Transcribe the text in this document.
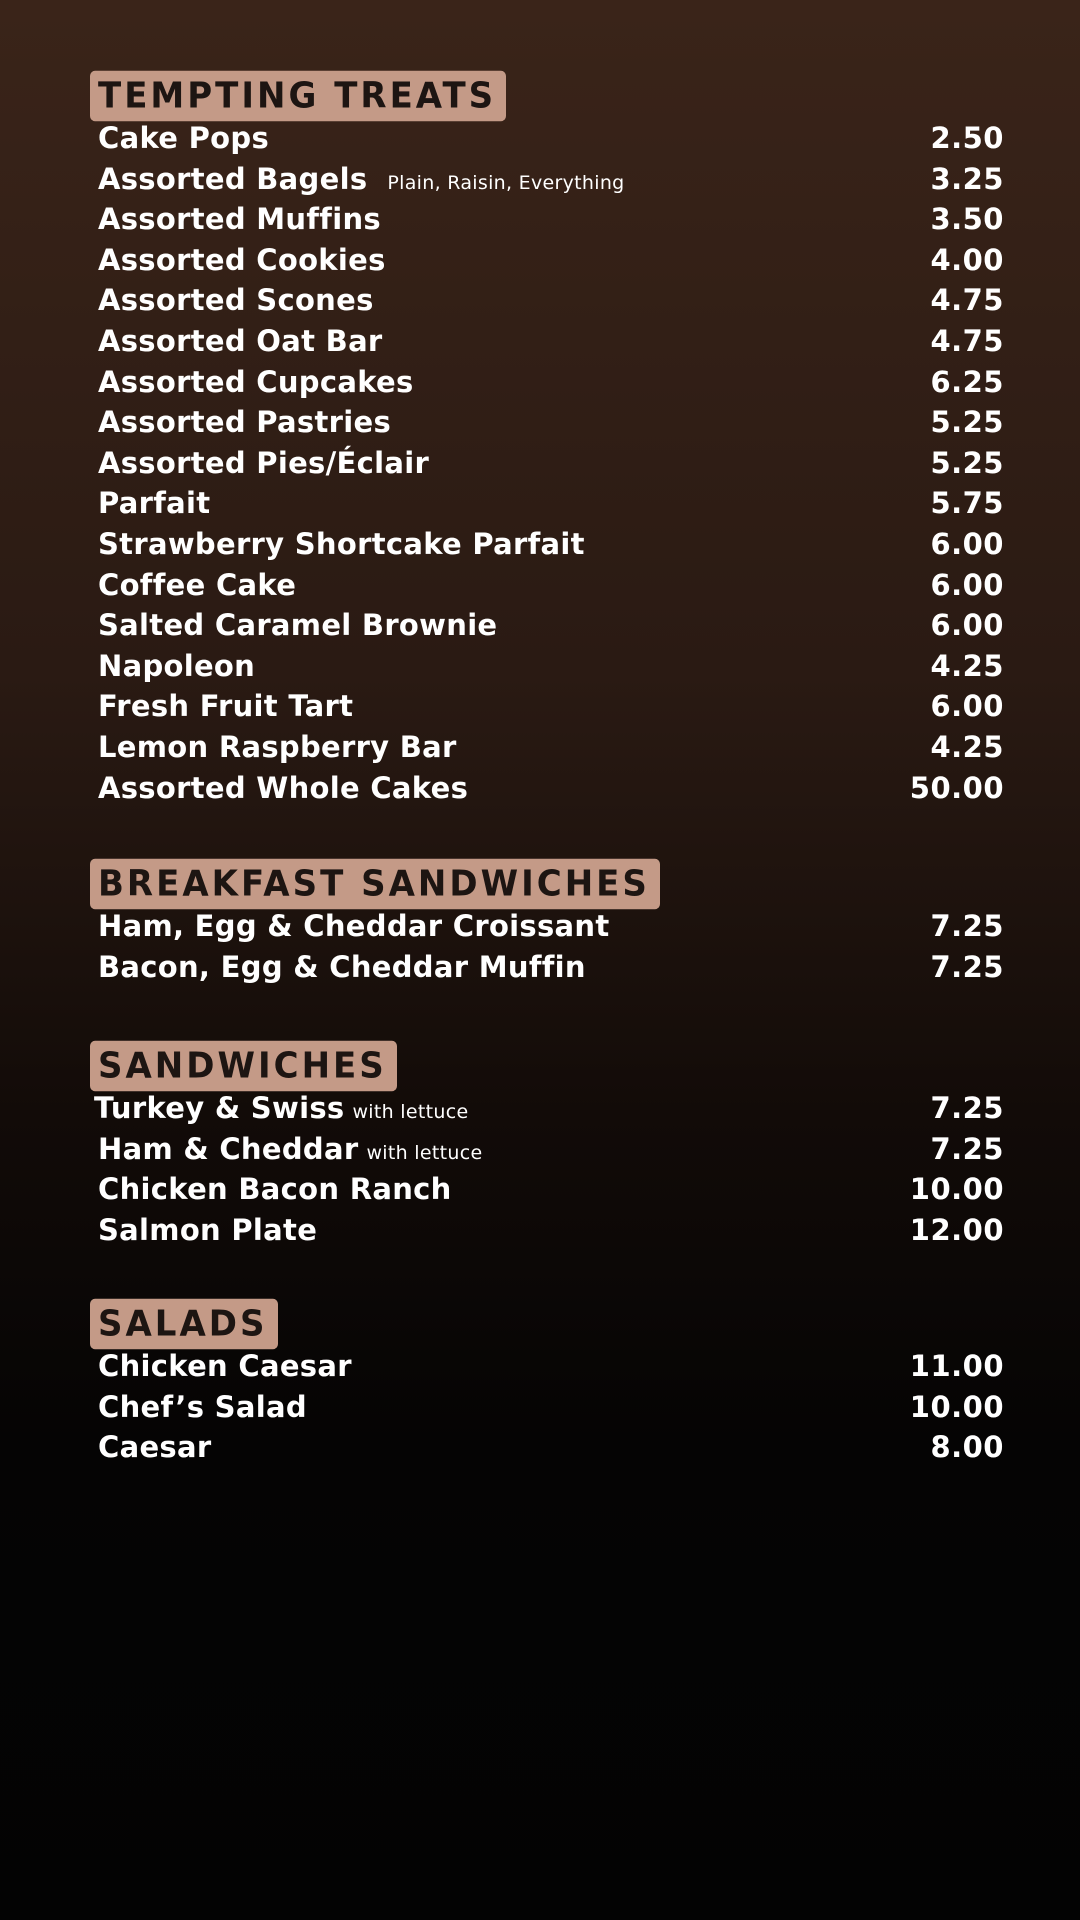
TEMPTING TREATS
Cake Pops	2.50
Assorted Bagels Plain, Raisin, Everything	3.25
Assorted Muffins	3.50
Assorted Cookies	4.00
Assorted Scones	4.75
Assorted Oat Bar	4.75
Assorted Cupcakes	6.25
Assorted Pastries	5.25
Assorted Pies/Éclair	5.25
Parfait	5.75
Strawberry Shortcake Parfait	6.00
Coffee Cake	6.00
Salted Caramel Brownie	6.00
Napoleon	4.25
Fresh Fruit Tart	6.00
Lemon Raspberry Bar	4.25
Assorted Whole Cakes	50.00
BREAKFAST SANDWICHES
Ham, Egg & Cheddar Croissant	7.25
Bacon, Egg & Cheddar Muffin	7.25
SANDWICHES
Turkey & Swiss with lettuce	7.25
Ham & Cheddar with lettuce	7.25
Chicken Bacon Ranch	10.00
Salmon Plate	12.00
SALADS
Chicken Caesar	11.00
Chef’s Salad	10.00
Caesar	8.00
